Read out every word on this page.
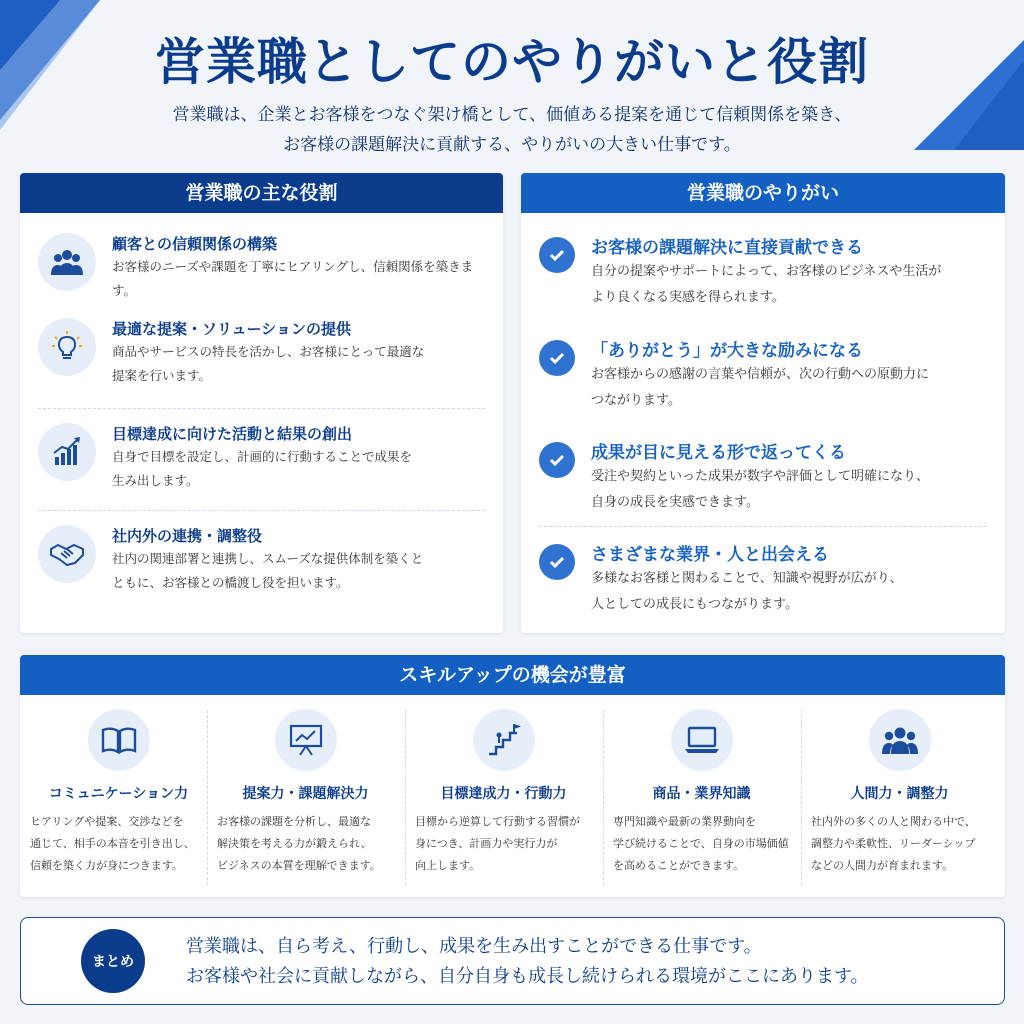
営業職としてのやりがいと役割
営業職は、企業とお客様をつなぐ架け橋として、価値ある提案を通じて信頼関係を築き、
お客様の課題解決に貢献する、やりがいの大きい仕事です。
営業職の主な役割
顧客との信頼関係の構築
お客様のニーズや課題を丁寧にヒアリングし、信頼関係を築きます。
最適な提案・ソリューションの提供
商品やサービスの特長を活かし、お客様にとって最適な
提案を行います。
目標達成に向けた活動と結果の創出
自身で目標を設定し、計画的に行動することで成果を
生み出します。
社内外の連携・調整役
社内の関連部署と連携し、スムーズな提供体制を築くと
ともに、お客様との橋渡し役を担います。
営業職のやりがい
お客様の課題解決に直接貢献できる
自分の提案やサポートによって、お客様のビジネスや生活が
より良くなる実感を得られます。
「ありがとう」が大きな励みになる
お客様からの感謝の言葉や信頼が、次の行動への原動力に
つながります。
成果が目に見える形で返ってくる
受注や契約といった成果が数字や評価として明確になり、
自身の成長を実感できます。
さまざまな業界・人と出会える
多様なお客様と関わることで、知識や視野が広がり、
人としての成長にもつながります。
スキルアップの機会が豊富
コミュニケーション力
ヒアリングや提案、交渉などを
通じて、相手の本音を引き出し、
信頼を築く力が身につきます。
提案力・課題解決力
お客様の課題を分析し、最適な
解決策を考える力が鍛えられ、
ビジネスの本質を理解できます。
目標達成力・行動力
目標から逆算して行動する習慣が
身につき、計画力や実行力が
向上します。
商品・業界知識
専門知識や最新の業界動向を
学び続けることで、自身の市場価値
を高めることができます。
人間力・調整力
社内外の多くの人と関わる中で、
調整力や柔軟性、リーダーシップ
などの人間力が育まれます。
まとめ
営業職は、自ら考え、行動し、成果を生み出すことができる仕事です。
お客様や社会に貢献しながら、自分自身も成長し続けられる環境がここにあります。
